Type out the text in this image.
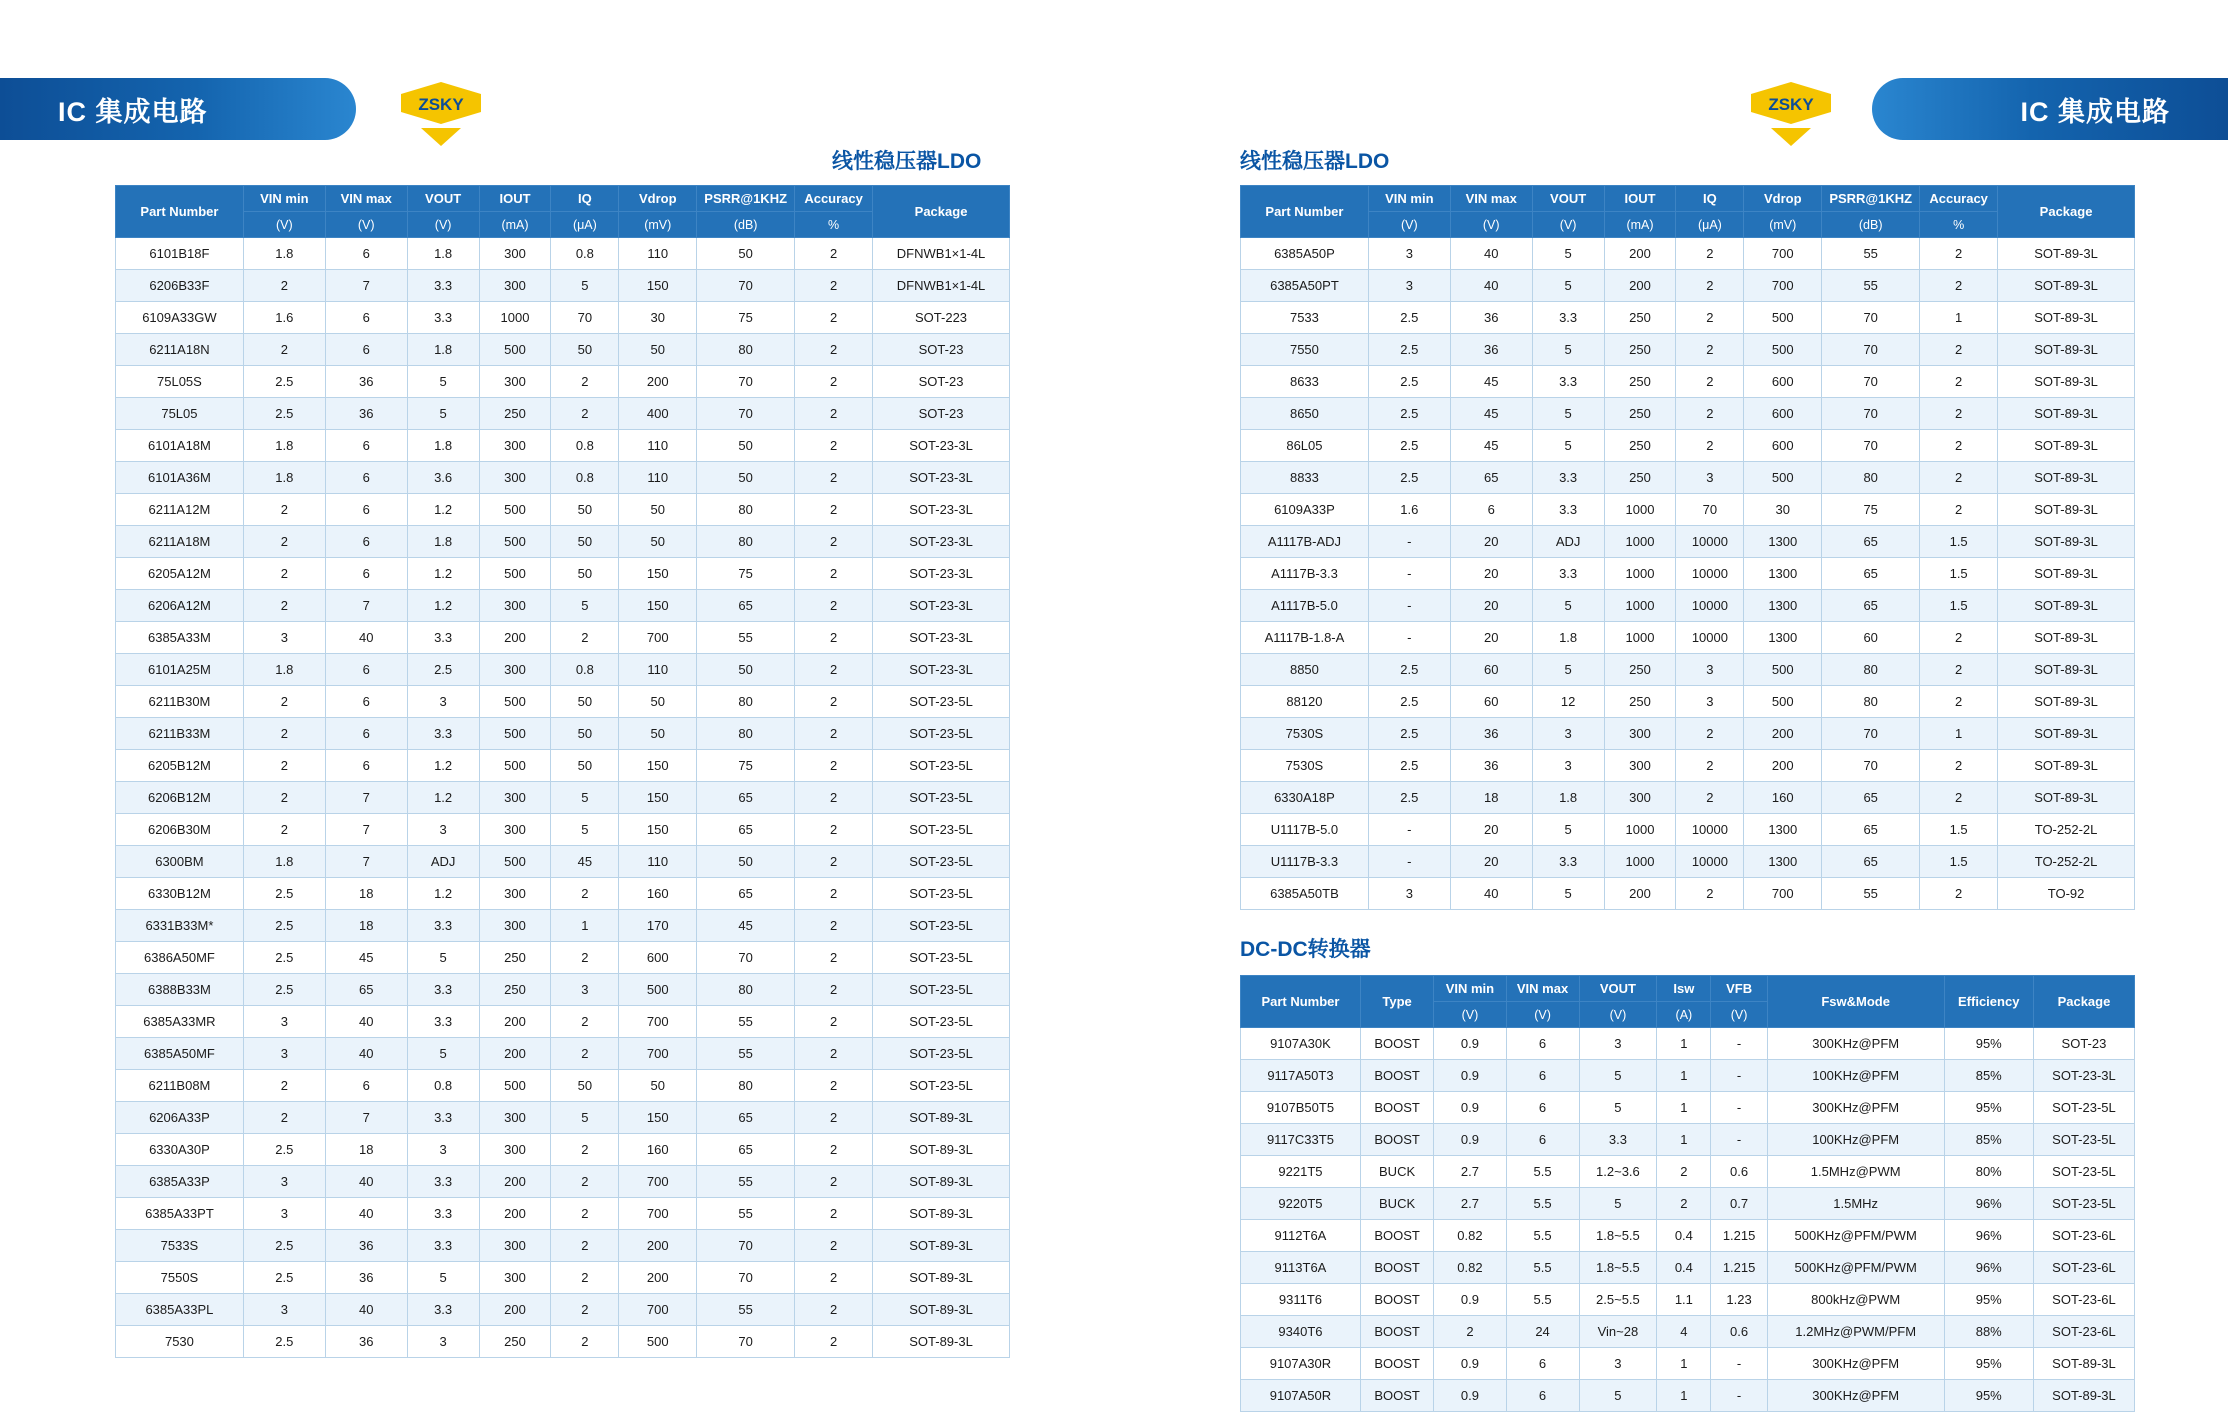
IC 集成电路	ZSKY	IC 集成电路
ZSKY
线性稳压器LDO	线性稳压器LDO
DC-DC转换器
Part Number	VIN min	VIN max	VOUT	IOUT	IQ	Vdrop	PSRR@1KHZ	Accuracy	Package
	(V)	(V)	(V)	(mA)	(μA)	(mV)	(dB)	%	
6101B18F	1.8	6	1.8	300	0.8	110	50	2	DFNWB1×1-4L
6206B33F	2	7	3.3	300	5	150	70	2	DFNWB1×1-4L
6109A33GW	1.6	6	3.3	1000	70	30	75	2	SOT-223
6211A18N	2	6	1.8	500	50	50	80	2	SOT-23
75L05S	2.5	36	5	300	2	200	70	2	SOT-23
75L05	2.5	36	5	250	2	400	70	2	SOT-23
6101A18M	1.8	6	1.8	300	0.8	110	50	2	SOT-23-3L
6101A36M	1.8	6	3.6	300	0.8	110	50	2	SOT-23-3L
6211A12M	2	6	1.2	500	50	50	80	2	SOT-23-3L
6211A18M	2	6	1.8	500	50	50	80	2	SOT-23-3L
6205A12M	2	6	1.2	500	50	150	75	2	SOT-23-3L
6206A12M	2	7	1.2	300	5	150	65	2	SOT-23-3L
6385A33M	3	40	3.3	200	2	700	55	2	SOT-23-3L
6101A25M	1.8	6	2.5	300	0.8	110	50	2	SOT-23-3L
6211B30M	2	6	3	500	50	50	80	2	SOT-23-5L
6211B33M	2	6	3.3	500	50	50	80	2	SOT-23-5L
6205B12M	2	6	1.2	500	50	150	75	2	SOT-23-5L
6206B12M	2	7	1.2	300	5	150	65	2	SOT-23-5L
6206B30M	2	7	3	300	5	150	65	2	SOT-23-5L
6300BM	1.8	7	ADJ	500	45	110	50	2	SOT-23-5L
6330B12M	2.5	18	1.2	300	2	160	65	2	SOT-23-5L
6331B33M*	2.5	18	3.3	300	1	170	45	2	SOT-23-5L
6386A50MF	2.5	45	5	250	2	600	70	2	SOT-23-5L
6388B33M	2.5	65	3.3	250	3	500	80	2	SOT-23-5L
6385A33MR	3	40	3.3	200	2	700	55	2	SOT-23-5L
6385A50MF	3	40	5	200	2	700	55	2	SOT-23-5L
6211B08M	2	6	0.8	500	50	50	80	2	SOT-23-5L
6206A33P	2	7	3.3	300	5	150	65	2	SOT-89-3L
6330A30P	2.5	18	3	300	2	160	65	2	SOT-89-3L
6385A33P	3	40	3.3	200	2	700	55	2	SOT-89-3L
6385A33PT	3	40	3.3	200	2	700	55	2	SOT-89-3L
7533S	2.5	36	3.3	300	2	200	70	2	SOT-89-3L
7550S	2.5	36	5	300	2	200	70	2	SOT-89-3L
6385A33PL	3	40	3.3	200	2	700	55	2	SOT-89-3L
7530	2.5	36	3	250	2	500	70	2	SOT-89-3L
Part Number	VIN min	VIN max	VOUT	IOUT	IQ	Vdrop	PSRR@1KHZ	Accuracy	Package
	(V)	(V)	(V)	(mA)	(μA)	(mV)	(dB)	%	
6385A50P	3	40	5	200	2	700	55	2	SOT-89-3L
6385A50PT	3	40	5	200	2	700	55	2	SOT-89-3L
7533	2.5	36	3.3	250	2	500	70	1	SOT-89-3L
7550	2.5	36	5	250	2	500	70	2	SOT-89-3L
8633	2.5	45	3.3	250	2	600	70	2	SOT-89-3L
8650	2.5	45	5	250	2	600	70	2	SOT-89-3L
86L05	2.5	45	5	250	2	600	70	2	SOT-89-3L
8833	2.5	65	3.3	250	3	500	80	2	SOT-89-3L
6109A33P	1.6	6	3.3	1000	70	30	75	2	SOT-89-3L
A1117B-ADJ	-	20	ADJ	1000	10000	1300	65	1.5	SOT-89-3L
A1117B-3.3	-	20	3.3	1000	10000	1300	65	1.5	SOT-89-3L
A1117B-5.0	-	20	5	1000	10000	1300	65	1.5	SOT-89-3L
A1117B-1.8-A	-	20	1.8	1000	10000	1300	60	2	SOT-89-3L
8850	2.5	60	5	250	3	500	80	2	SOT-89-3L
88120	2.5	60	12	250	3	500	80	2	SOT-89-3L
7530S	2.5	36	3	300	2	200	70	1	SOT-89-3L
7530S	2.5	36	3	300	2	200	70	2	SOT-89-3L
6330A18P	2.5	18	1.8	300	2	160	65	2	SOT-89-3L
U1117B-5.0	-	20	5	1000	10000	1300	65	1.5	TO-252-2L
U1117B-3.3	-	20	3.3	1000	10000	1300	65	1.5	TO-252-2L
6385A50TB	3	40	5	200	2	700	55	2	TO-92
Part Number	Type	VIN min	VIN max	VOUT	Isw	VFB	Fsw&Mode	Efficiency	Package
		(V)	(V)	(V)	(A)	(V)			
9107A30K	BOOST	0.9	6	3	1	-	300KHz@PFM	95%	SOT-23
9117A50T3	BOOST	0.9	6	5	1	-	100KHz@PFM	85%	SOT-23-3L
9107B50T5	BOOST	0.9	6	5	1	-	300KHz@PFM	95%	SOT-23-5L
9117C33T5	BOOST	0.9	6	3.3	1	-	100KHz@PFM	85%	SOT-23-5L
9221T5	BUCK	2.7	5.5	1.2~3.6	2	0.6	1.5MHz@PWM	80%	SOT-23-5L
9220T5	BUCK	2.7	5.5	5	2	0.7	1.5MHz	96%	SOT-23-5L
9112T6A	BOOST	0.82	5.5	1.8~5.5	0.4	1.215	500KHz@PFM/PWM	96%	SOT-23-6L
9113T6A	BOOST	0.82	5.5	1.8~5.5	0.4	1.215	500KHz@PFM/PWM	96%	SOT-23-6L
9311T6	BOOST	0.9	5.5	2.5~5.5	1.1	1.23	800kHz@PWM	95%	SOT-23-6L
9340T6	BOOST	2	24	Vin~28	4	0.6	1.2MHz@PWM/PFM	88%	SOT-23-6L
9107A30R	BOOST	0.9	6	3	1	-	300KHz@PFM	95%	SOT-89-3L
9107A50R	BOOST	0.9	6	5	1	-	300KHz@PFM	95%	SOT-89-3L
